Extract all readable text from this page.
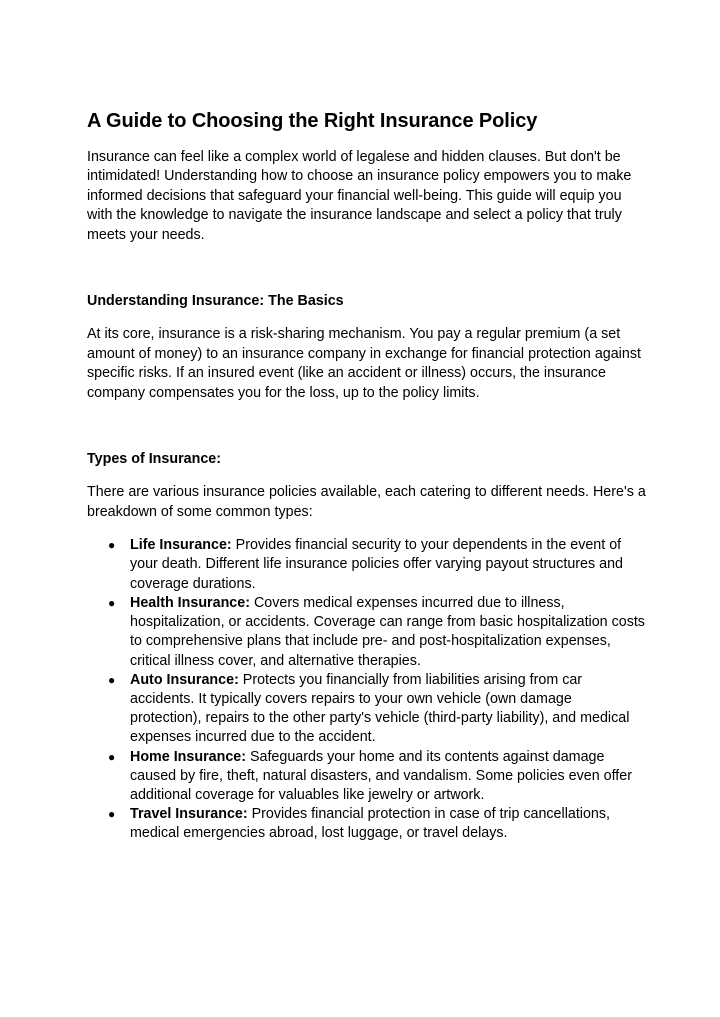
A Guide to Choosing the Right Insurance Policy

Insurance can feel like a complex world of legalese and hidden clauses. But don't be intimidated! Understanding how to choose an insurance policy empowers you to make informed decisions that safeguard your financial well-being. This guide will equip you with the knowledge to navigate the insurance landscape and select a policy that truly meets your needs.

Understanding Insurance: The Basics

At its core, insurance is a risk-sharing mechanism. You pay a regular premium (a set amount of money) to an insurance company in exchange for financial protection against specific risks. If an insured event (like an accident or illness) occurs, the insurance company compensates you for the loss, up to the policy limits.

Types of Insurance:

There are various insurance policies available, each catering to different needs. Here's a breakdown of some common types:

● Life Insurance: Provides financial security to your dependents in the event of your death. Different life insurance policies offer varying payout structures and coverage durations.
● Health Insurance: Covers medical expenses incurred due to illness, hospitalization, or accidents. Coverage can range from basic hospitalization costs to comprehensive plans that include pre- and post-hospitalization expenses, critical illness cover, and alternative therapies.
● Auto Insurance: Protects you financially from liabilities arising from car accidents. It typically covers repairs to your own vehicle (own damage protection), repairs to the other party's vehicle (third-party liability), and medical expenses incurred due to the accident.
● Home Insurance: Safeguards your home and its contents against damage caused by fire, theft, natural disasters, and vandalism. Some policies even offer additional coverage for valuables like jewelry or artwork.
● Travel Insurance: Provides financial protection in case of trip cancellations, medical emergencies abroad, lost luggage, or travel delays.
